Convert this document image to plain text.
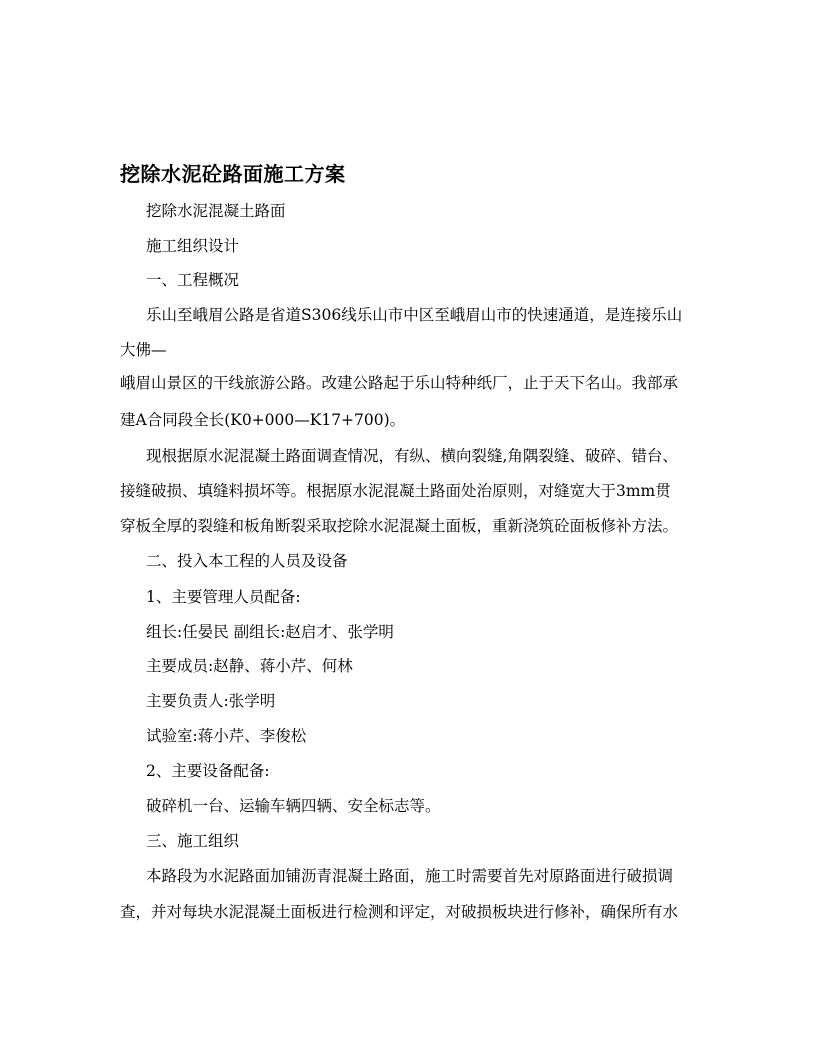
挖除水泥砼路面施工方案
挖除水泥混凝土路面
施工组织设计
一、工程概况
乐山至峨眉公路是省道S306线乐山市中区至峨眉山市的快速通道，是连接乐山
大佛—
峨眉山景区的干线旅游公路。改建公路起于乐山特种纸厂，止于天下名山。我部承
建A合同段全长(K0+000—K17+700)。
现根据原水泥混凝土路面调查情况，有纵、横向裂缝,角隅裂缝、破碎、错台、
接缝破损、填缝料损坏等。根据原水泥混凝土路面处治原则，对缝宽大于3mm贯
穿板全厚的裂缝和板角断裂采取挖除水泥混凝土面板，重新浇筑砼面板修补方法。
二、投入本工程的人员及设备
1、主要管理人员配备:
组长:任晏民 副组长:赵启才、张学明
主要成员:赵静、蒋小芹、何林
主要负责人:张学明
试验室:蒋小芹、李俊松
2、主要设备配备:
破碎机一台、运输车辆四辆、安全标志等。
三、施工组织
本路段为水泥路面加铺沥青混凝土路面，施工时需要首先对原路面进行破损调
查，并对每块水泥混凝土面板进行检测和评定，对破损板块进行修补，确保所有水
